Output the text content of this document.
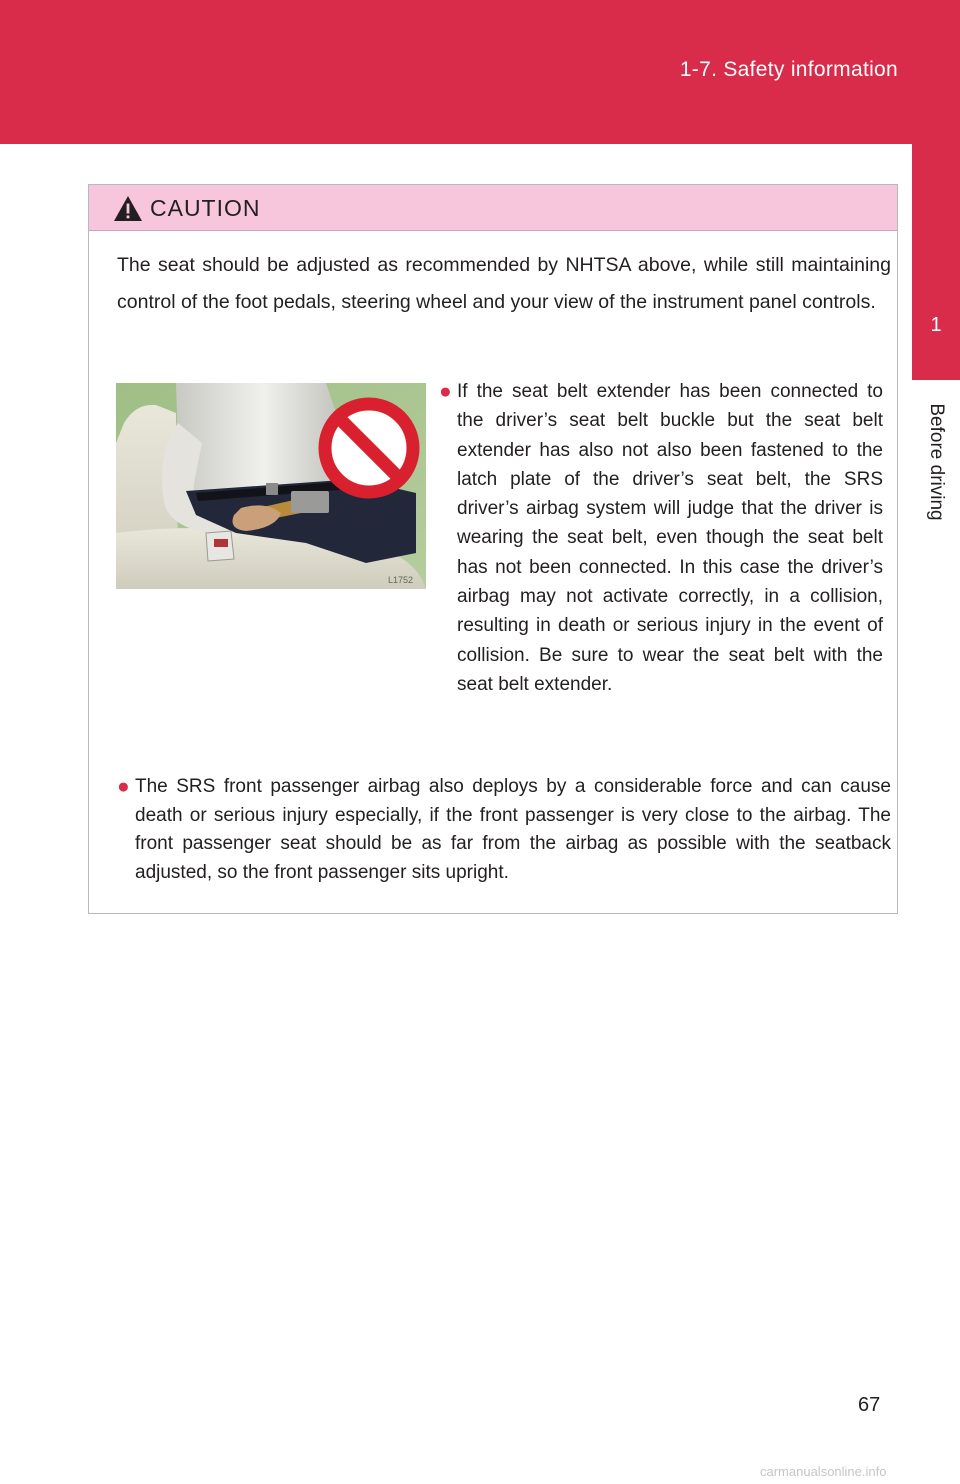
1-7. Safety information
1
Before driving
CAUTION
The seat should be adjusted as recommended by NHTSA above, while still maintaining control of the foot pedals, steering wheel and your view of the instrument panel controls.
L1752
● If the seat belt extender has been connected to the driver’s seat belt buckle but the seat belt extender has also not also been fastened to the latch plate of the driver’s seat belt, the SRS driver’s airbag system will judge that the driver is wearing the seat belt, even though the seat belt has not been connected. In this case the driver’s airbag may not activate correctly, in a collision, resulting in death or serious injury in the event of collision. Be sure to wear the seat belt with the seat belt extender.
● The SRS front passenger airbag also deploys by a considerable force and can cause death or serious injury especially, if the front passenger is very close to the airbag. The front passenger seat should be as far from the airbag as possible with the seatback adjusted, so the front passenger sits upright.
67
carmanualsonline.info
